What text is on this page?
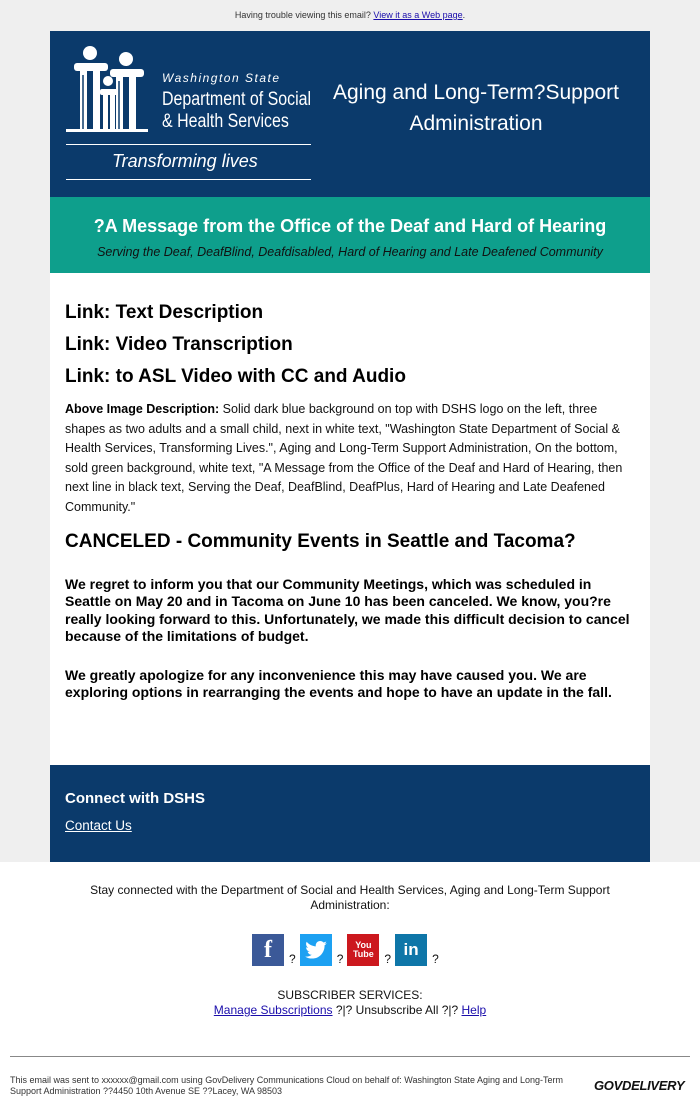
Having trouble viewing this email? View it as a Web page.
Washington State
Department of Social
& Health Services
Transforming lives
Aging and Long-Term?Support
Administration
?A Message from the Office of the Deaf and Hard of Hearing
Serving the Deaf, DeafBlind, Deafdisabled, Hard of Hearing and Late Deafened Community
Link: Text Description
Link: Video Transcription
Link: to ASL Video with CC and Audio
Above Image Description: Solid dark blue background on top with DSHS logo on the left, three shapes as two adults and a small child, next in white text, "Washington State Department of Social & Health Services, Transforming Lives.", Aging and Long-Term Support Administration, On the bottom, sold green background, white text, "A Message from the Office of the Deaf and Hard of Hearing, then next line in black text, Serving the Deaf, DeafBlind, DeafPlus, Hard of Hearing and Late Deafened Community."
CANCELED - Community Events in Seattle and Tacoma?
We regret to inform you that our Community Meetings, which was scheduled in Seattle on May 20 and in Tacoma on June 10 has been canceled. We know, you?re really looking forward to this. Unfortunately, we made this difficult decision to cancel because of the limitations of budget.
We greatly apologize for any inconvenience this may have caused you. We are exploring options in rearranging the events and hope to have an update in the fall.
Connect with DSHS
Contact Us
Stay connected with the Department of Social and Health Services, Aging and Long-Term Support Administration:
f ?	?
You Tube ? in ?
SUBSCRIBER SERVICES:
Manage Subscriptions ?|? Unsubscribe All ?|? Help
This email was sent to xxxxxx@gmail.com using GovDelivery Communications Cloud on behalf of: Washington State Aging and Long-Term Support Administration ??4450 10th Avenue SE ??Lacey, WA 98503	GOVDELIVERY
